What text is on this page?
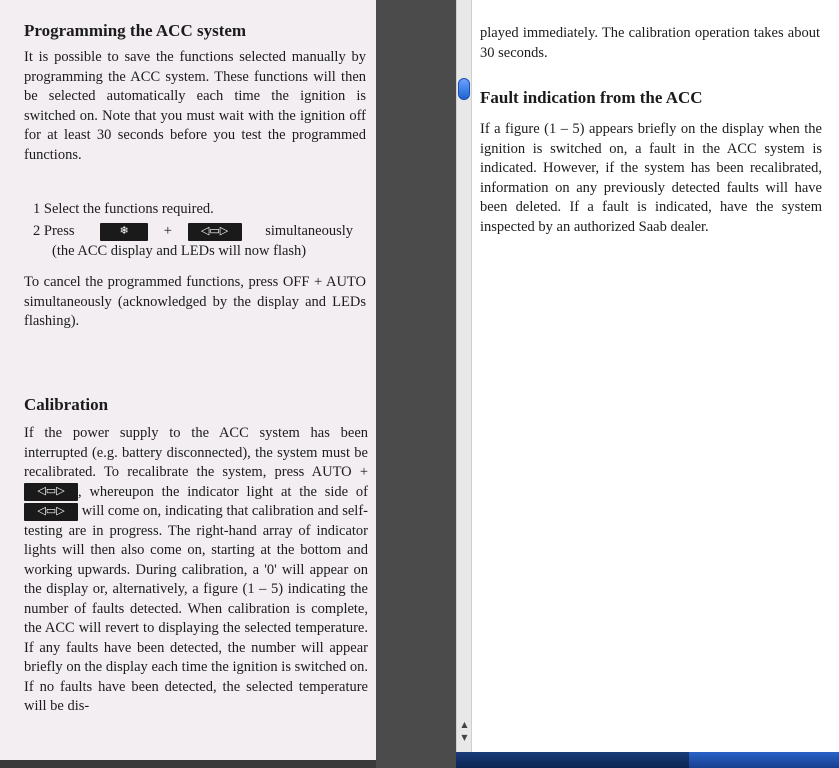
Programming the ACC system

It is possible to save the functions selected manually by programming the ACC system. These functions will then be selected automatically each time the ignition is switched on. Note that you must wait with the ignition off for at least 30 seconds before you test the programmed functions.

1 Select the functions required.
2 Press	❄ +	◁▭▷	simultaneously
(the ACC display and LEDs will now flash)

To cancel the programmed functions, press OFF + AUTO simultaneously (acknowledged by the display and LEDs flashing).

Calibration

If the power supply to the ACC system has been interrupted (e.g. battery disconnected), the system must be recalibrated. To recalibrate the system, press AUTO + ◁▭▷ , whereupon the indicator light at the side of ◁▭▷ will come on, indicating that calibration and self-testing are in progress. The right-hand array of indicator lights will then also come on, starting at the bottom and working upwards. During calibration, a '0' will appear on the display or, alternatively, a figure (1 – 5) indicating the number of faults detected. When calibration is complete, the ACC will revert to displaying the selected temperature. If any faults have been detected, the number will appear briefly on the display each time the ignition is switched on. If no faults have been detected, the selected temperature will be dis-

▲
▼

played immediately. The calibration operation takes about 30 seconds.

Fault indication from the ACC

If a figure (1 – 5) appears briefly on the display when the ignition is switched on, a fault in the ACC system is indicated. However, if the system has been recalibrated, information on any previously detected faults will have been deleted. If a fault is indicated, have the system inspected by an authorized Saab dealer.
